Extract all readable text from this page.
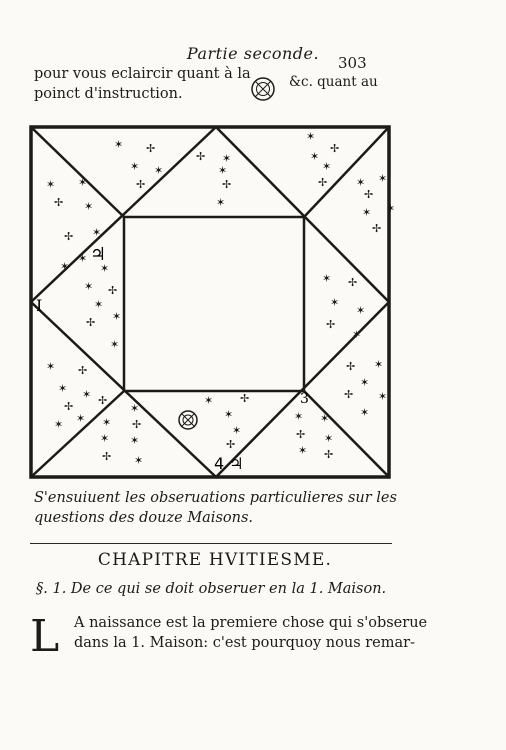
Partie seconde.	303
pour vous eclaircir quant à la
poinct d'instruction.
&c. quant au
✶ ✢
✶ ✶
✢
✶ ✶
✢ ✶
✶
✢
✶
✶
✢ ✶
✶
✢
✶
✶
✢
✶
✶
✢	✶ ✶
✢
✶
✶
✢
✶
✶ ✢
✶
✶
✢
✶
✶ ✢
✶
✶
✢
✶
✶ ✢
✶ ✶
✢
✶
✶
✢ ✶
✶
✢ ✶
✶
✢
✶
✶ ✢
✶ ✶
✢ ✶
✶ ✢
✶
✶
✢
✶ ✶
✢ ✶
✶ ✢
I
♃
3
4 ♃
S'ensuiuent les obseruations particulieres sur les
questions des douze Maisons.
CHAPITRE HVITIESME.
§. 1. De ce qui se doit obseruer en la 1. Maison.
L A naissance est la premiere chose qui s'obserue
dans la 1. Maison: c'est pourquoy nous remar-
